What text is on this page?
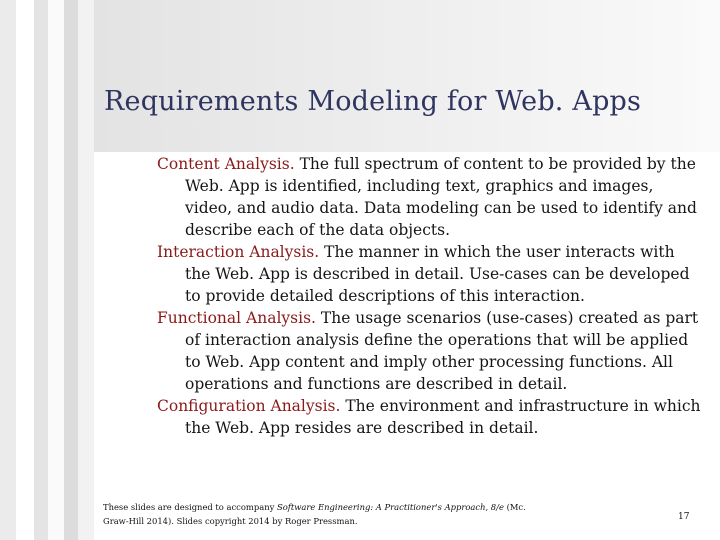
Requirements Modeling for Web. Apps

Content Analysis. The full spectrum of content to be provided by the Web. App is identified, including text, graphics and images, video, and audio data. Data modeling can be used to identify and describe each of the data objects.

Interaction Analysis. The manner in which the user interacts with the Web. App is described in detail. Use-cases can be developed to provide detailed descriptions of this interaction.

Functional Analysis. The usage scenarios (use-cases) created as part of interaction analysis define the operations that will be applied to Web. App content and imply other processing functions. All operations and functions are described in detail.

Configuration Analysis. The environment and infrastructure in which the Web. App resides are described in detail.

These slides are designed to accompany Software Engineering: A Practitioner's Approach, 8/e (Mc. Graw-Hill 2014). Slides copyright 2014 by Roger Pressman.	17
